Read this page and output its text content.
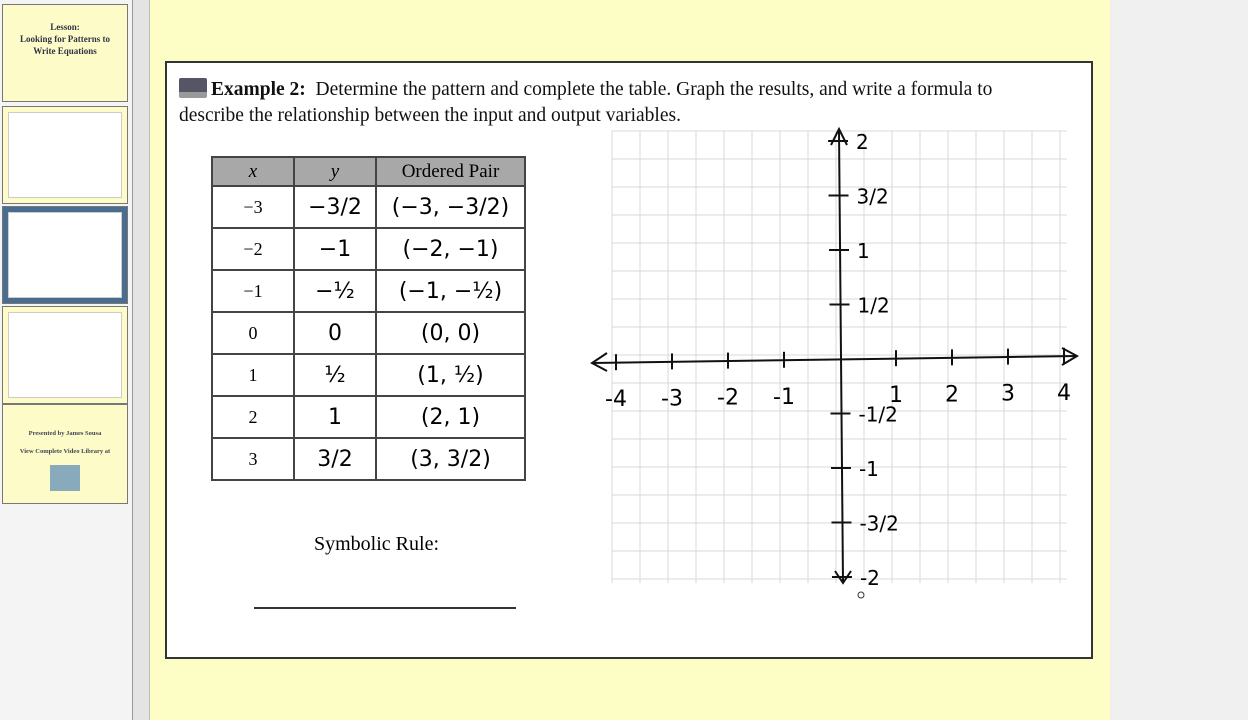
Lesson:
Looking for Patterns to
Write Equations
Presented by James Sousa
View Complete Video Library at
-4 -3 -2 -1	1 2 3 4
2
3/2
1
1/2
-1/2
-1
-3/2
-2
Example 2: Determine the pattern and complete the table. Graph the results, and write a formula to describe the relationship between the input and output variables.
x	y	Ordered Pair
−3	−3/2	(−3, −3/2)
−2	−1	(−2, −1)
−1	−½	(−1, −½)
0	0	(0, 0)
1	½	(1, ½)
2	1	(2, 1)
3	3/2	(3, 3/2)
Symbolic Rule:
